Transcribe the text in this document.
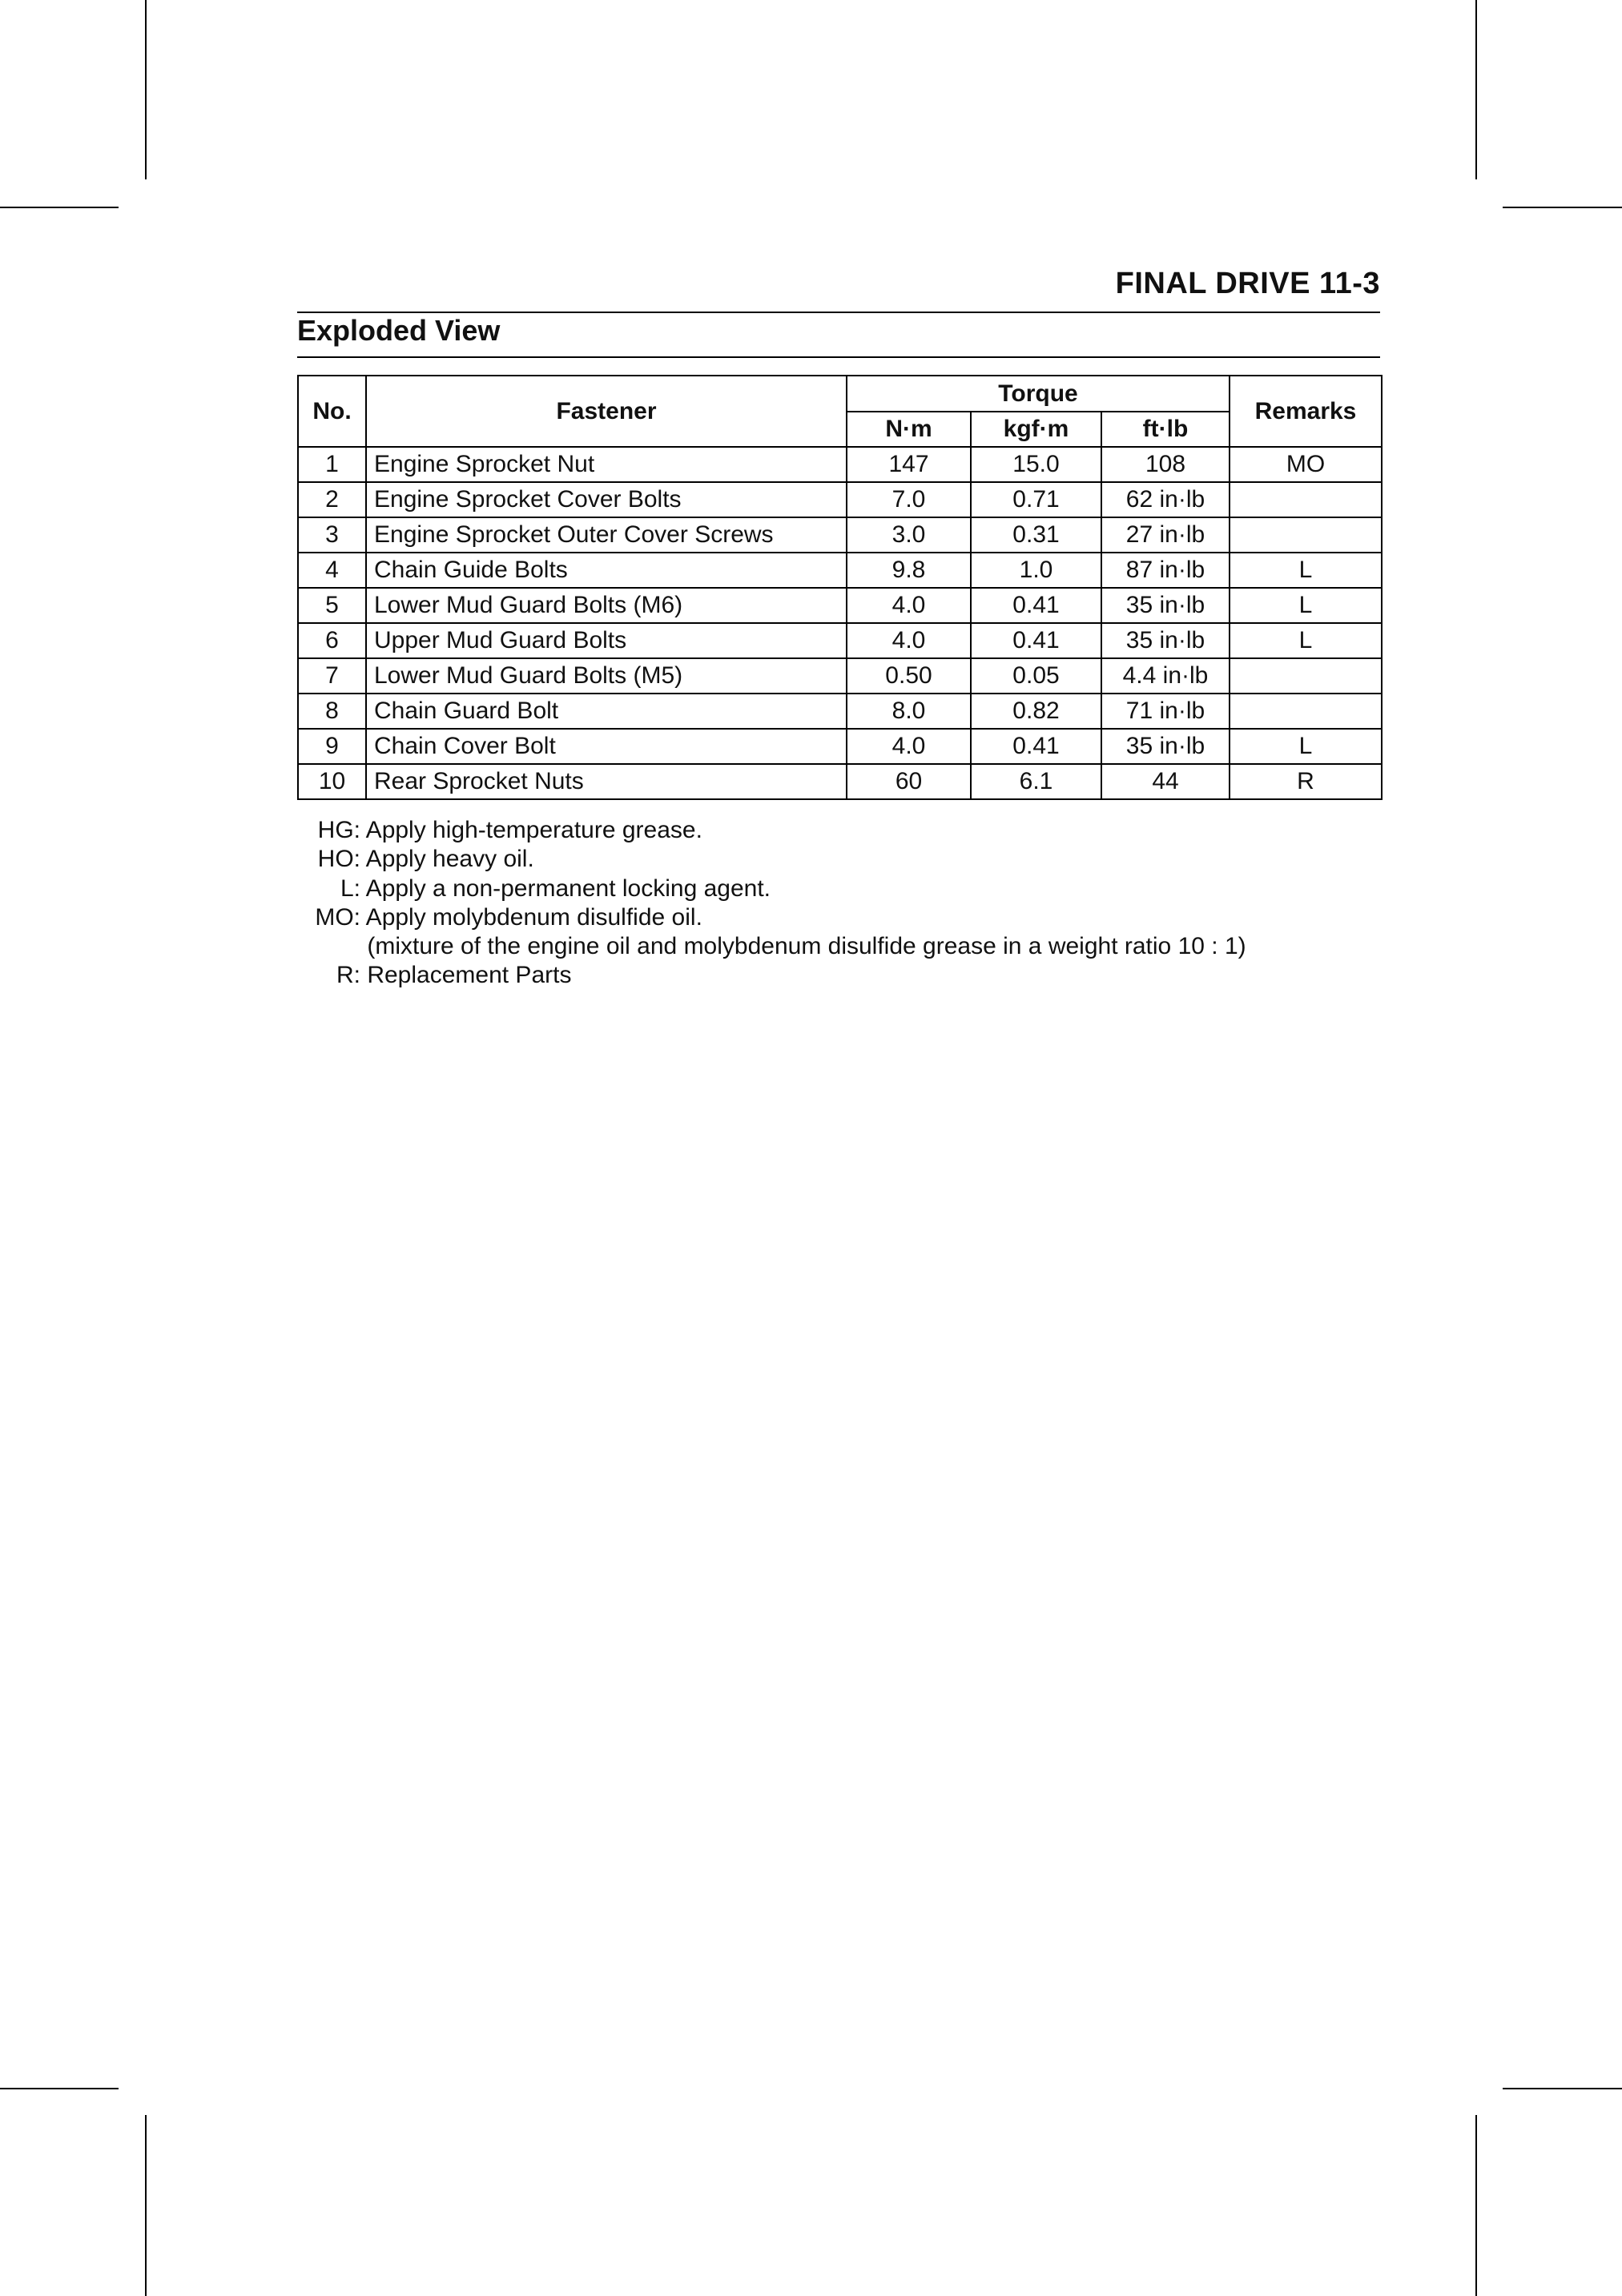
FINAL DRIVE 11-3
Exploded View
No.	Fastener	Torque			Remarks
		N·m	kgf·m	ft·lb	
1	Engine Sprocket Nut	147	15.0	108	MO
2	Engine Sprocket Cover Bolts	7.0	0.71	62 in·lb	
3	Engine Sprocket Outer Cover Screws	3.0	0.31	27 in·lb	
4	Chain Guide Bolts	9.8	1.0	87 in·lb	L
5	Lower Mud Guard Bolts (M6)	4.0	0.41	35 in·lb	L
6	Upper Mud Guard Bolts	4.0	0.41	35 in·lb	L
7	Lower Mud Guard Bolts (M5)	0.50	0.05	4.4 in·lb	
8	Chain Guard Bolt	8.0	0.82	71 in·lb	
9	Chain Cover Bolt	4.0	0.41	35 in·lb	L
10	Rear Sprocket Nuts	60	6.1	44	R
HG: Apply high-temperature grease.
HO: Apply heavy oil.
L: Apply a non-permanent locking agent.
MO: Apply molybdenum disulfide oil.
(mixture of the engine oil and molybdenum disulfide grease in a weight ratio 10 : 1)
R: Replacement Parts
